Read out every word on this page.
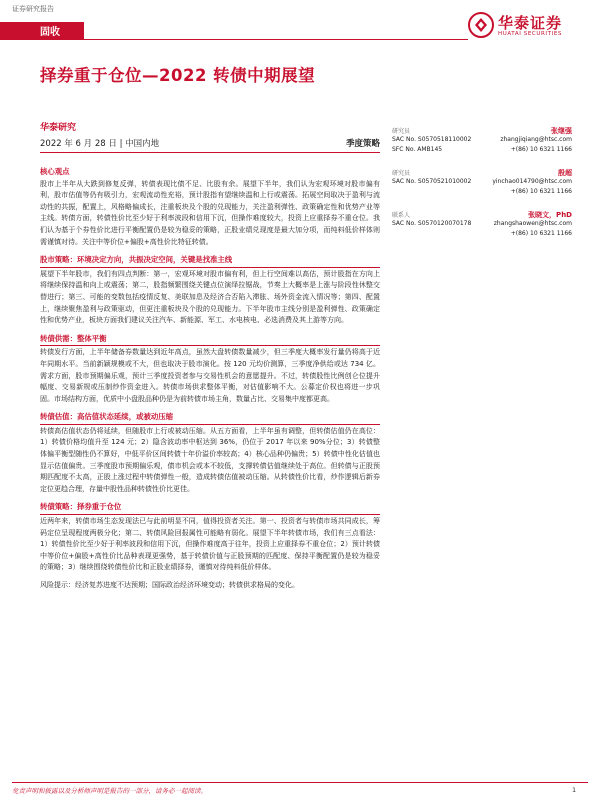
证券研究报告
华泰证券
HUATAI SECURITIES
固收
择券重于仓位—2022 转债中期展望
华泰研究
2022 年 6 月 28 日 | 中国内地	季度策略
研究员	张继强
SAC No. S0570518110002	zhangjiqiang@htsc.com
SFC No. AMB145	+(86) 10 6321 1166
研究员	殷超
SAC No. S0570521010002	yinchao014790@htsc.com
+(86) 10 6321 1166
联系人	张晓文，PhD
SAC No. S0570120070178	zhangshaowen@htsc.com
+(86) 10 6321 1166
核心观点
股市上半年从大跌到修复反弹，转债表现比债不足、比股有余。展望下半年，我们认为宏观环境对股市偏有利，股市估值等仍有吸引力，宏观流动性充裕，预计股指有望继续温和上行或震荡。拓展空间取决于盈利与流动性的共振，配置上，风格略偏成长，注重板块及个股的兑现能力，关注盈利弹性、政策确定性和优势产业等主线。转债方面，转债性价比至少好于利率波段和信用下沉，但操作难度较大，投资上应重择券不重仓位。我们认为基于个券性价比进行平衡配置仍是较为稳妥的策略，正股业绩兑现度是最大加分项，而纯料低价样体则需谨慎对待。关注中等价位+偏股+高性价比特征转债。
股市策略：环境决定方向，共振决定空间，关键是找准主线
展望下半年股市，我们有四点判断：第一，宏观环境对股市偏有利，但上行空间难以高估，预计股指在方向上将继续保持温和向上或震荡；第二，股指频繁围绕关键点位演绎拉锯战，节奏上大概率是上涨与阶段性休整交替进行；第三、可能的变数包括疫情反复、美联加息及经济合否陷入滞胀、场外资金流入情况等；第四、配置上，继续聚焦盈利与政策驱动，但更注重板块及个股的兑现能力。下半年股市主线分别是盈利弹性、政策确定性和优势产业，板块方面我们建议关注汽车、新能源、军工、水电核电、必选消费及其上游等方向。
转债供需：整体平衡
转债发行方面，上半年储备券数量达到近年高点，虽然大盘转债数量减少，但三季度大概率发行量仍将高于近年同期水平。当前新颖规模或不大，但也取决于股市演化。按 120 元均价测算，三季度净供给或达 734 亿。需求方面，股市预期偏乐观，预计三季度投资者参与交易性机会的意愿提升。不过，转债股性比例创仑位提升幅度、交易新规或压制炒作资金进入。转债市场供求整体平衡，对估值影响不大。公募定价权也将进一步巩固。市场结构方面，优质中小盘股品种仍是为前转债市场主角，数量占比、交易集中度都更高。
转债估值：高估值状态延续，或被动压缩
转债高估值状态仍将延续，但随股市上行或被动压缩。从五方面看，上半年虽有调整，但转债估值仍在高位：1）转债价格均值升至 124 元；2）隐含波动率中枢达到 36%，仍位于 2017 年以来 90%分位；3）转债整体偏平衡型随性仍不算好，中低平价区间转债十年价溢价率较高；4）核心品种仍偏贵；5）转债中性化估值也显示估值偏贵。三季度股市预期偏乐观，债市机会或本不较低，支撑转债估值继续处于高位。但转债与正股预期匹配度不太高，正股上涨过程中转债弹性一般，造成转债估值被动压缩。从转债性价比看，炒作逻辑后新券定位更趋合理，存量中股性品种转债性价比更佳。
转债策略：择券重于仓位
近两年来，转债市场生态发现法已与此前明显不同，值得投资者关注。第一、投资者与转债市场共同成长，筹码定位呈现程度两极分化；第二、转债风险回报属性可能略有弱化。展望下半年转债市场，我们有三点看法：1）转债性价比至少好于利率波段和信用下沉，但操作难度高于往年，投资上应重择券不重仓位；2）预计转债中等价位+偏股+高性价比品种表现更强势，基于转债价值与正股预期的匹配度、保持平衡配置仍是较为稳妥的策略；3）继续围绕转债性价比和正股业绩择券，谨慎对待纯料低价样体。
风险提示：经济复苏进度不达预期；国际政治经济环境变动；转债供求格局的变化。
免责声明和披露以及分析师声明是报告的一部分，请务必一起阅读。	1
